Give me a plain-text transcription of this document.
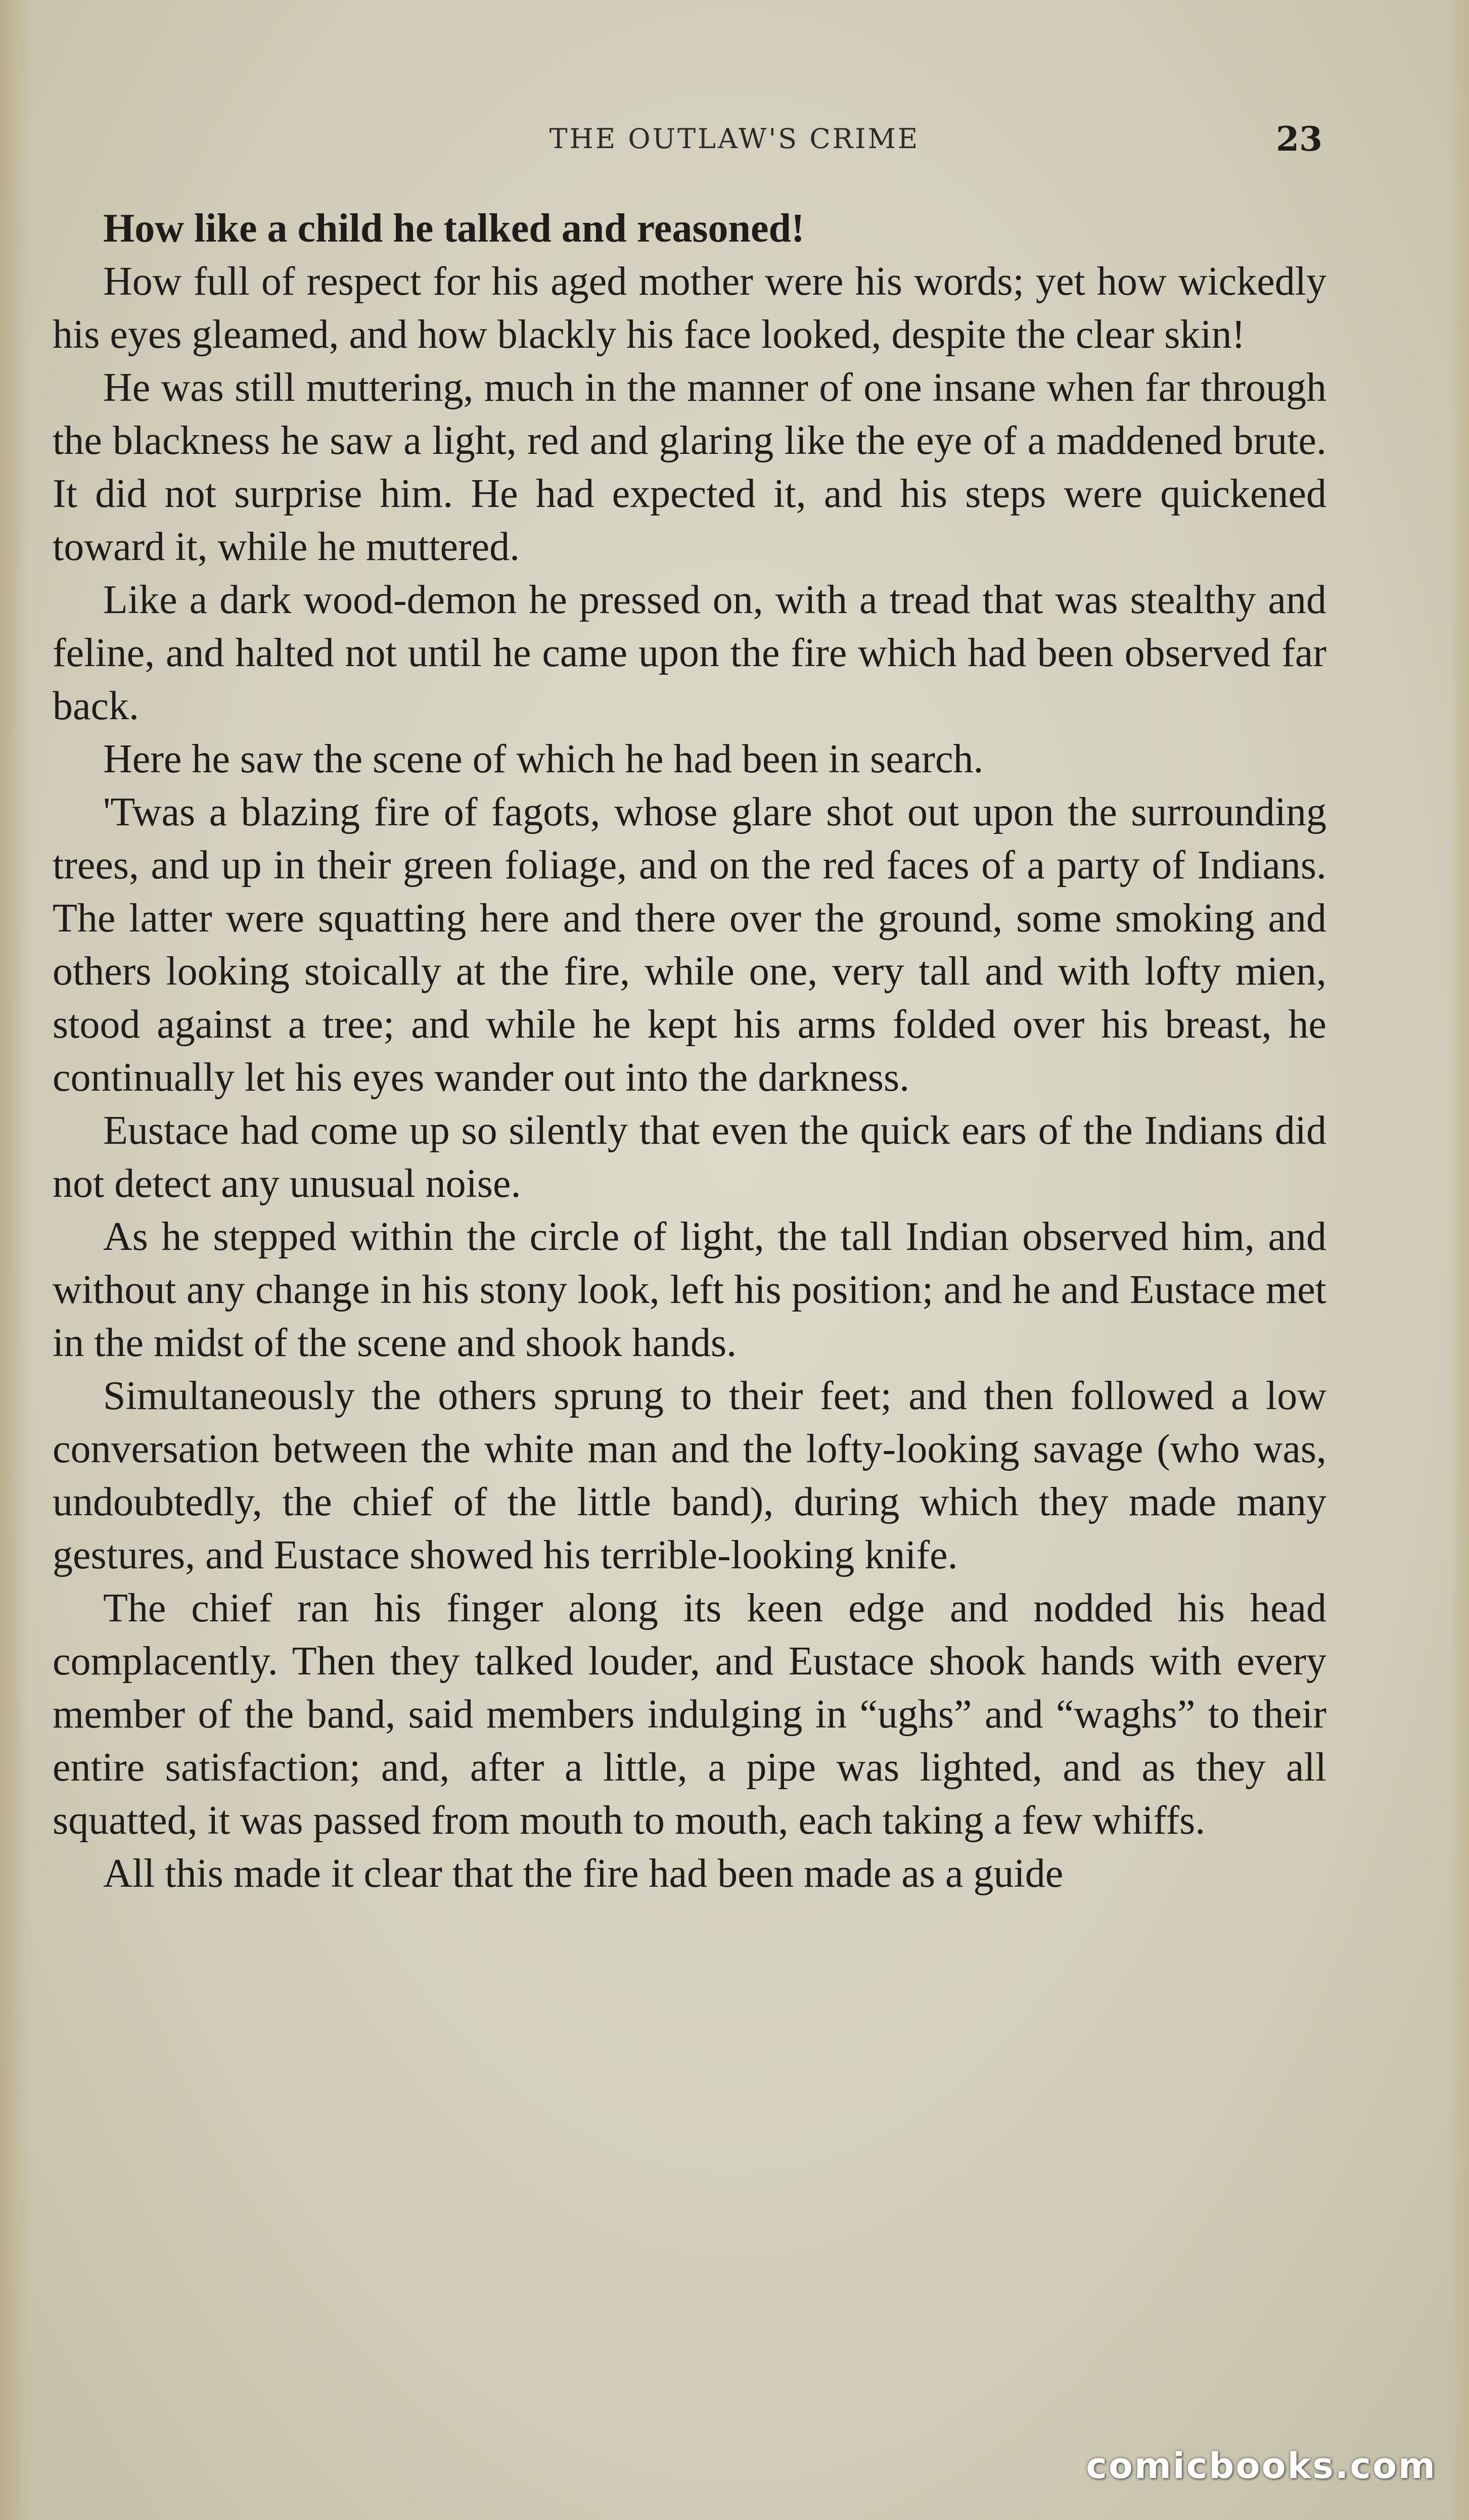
THE OUTLAW'S CRIME	23

How like a child he talked and reasoned!

How full of respect for his aged mother were his words; yet how wickedly his eyes gleamed, and how blackly his face looked, despite the clear skin!

He was still muttering, much in the manner of one insane when far through the blackness he saw a light, red and glaring like the eye of a maddened brute. It did not surprise him. He had expected it, and his steps were quickened toward it, while he muttered.

Like a dark wood-demon he pressed on, with a tread that was stealthy and feline, and halted not until he came upon the fire which had been observed far back.

Here he saw the scene of which he had been in search.

'Twas a blazing fire of fagots, whose glare shot out upon the surrounding trees, and up in their green foliage, and on the red faces of a party of Indians. The latter were squatting here and there over the ground, some smoking and others looking stoically at the fire, while one, very tall and with lofty mien, stood against a tree; and while he kept his arms folded over his breast, he continually let his eyes wander out into the darkness.

Eustace had come up so silently that even the quick ears of the Indians did not detect any unusual noise.

As he stepped within the circle of light, the tall Indian observed him, and without any change in his stony look, left his position; and he and Eustace met in the midst of the scene and shook hands.

Simultaneously the others sprung to their feet; and then followed a low conversation between the white man and the lofty-looking savage (who was, undoubtedly, the chief of the little band), during which they made many gestures, and Eustace showed his terrible-looking knife.

The chief ran his finger along its keen edge and nodded his head complacently. Then they talked louder, and Eustace shook hands with every member of the band, said members indulging in “ughs” and “waghs” to their entire satisfaction; and, after a little, a pipe was lighted, and as they all squatted, it was passed from mouth to mouth, each taking a few whiffs.

All this made it clear that the fire had been made as a guide

comicbooks.com
